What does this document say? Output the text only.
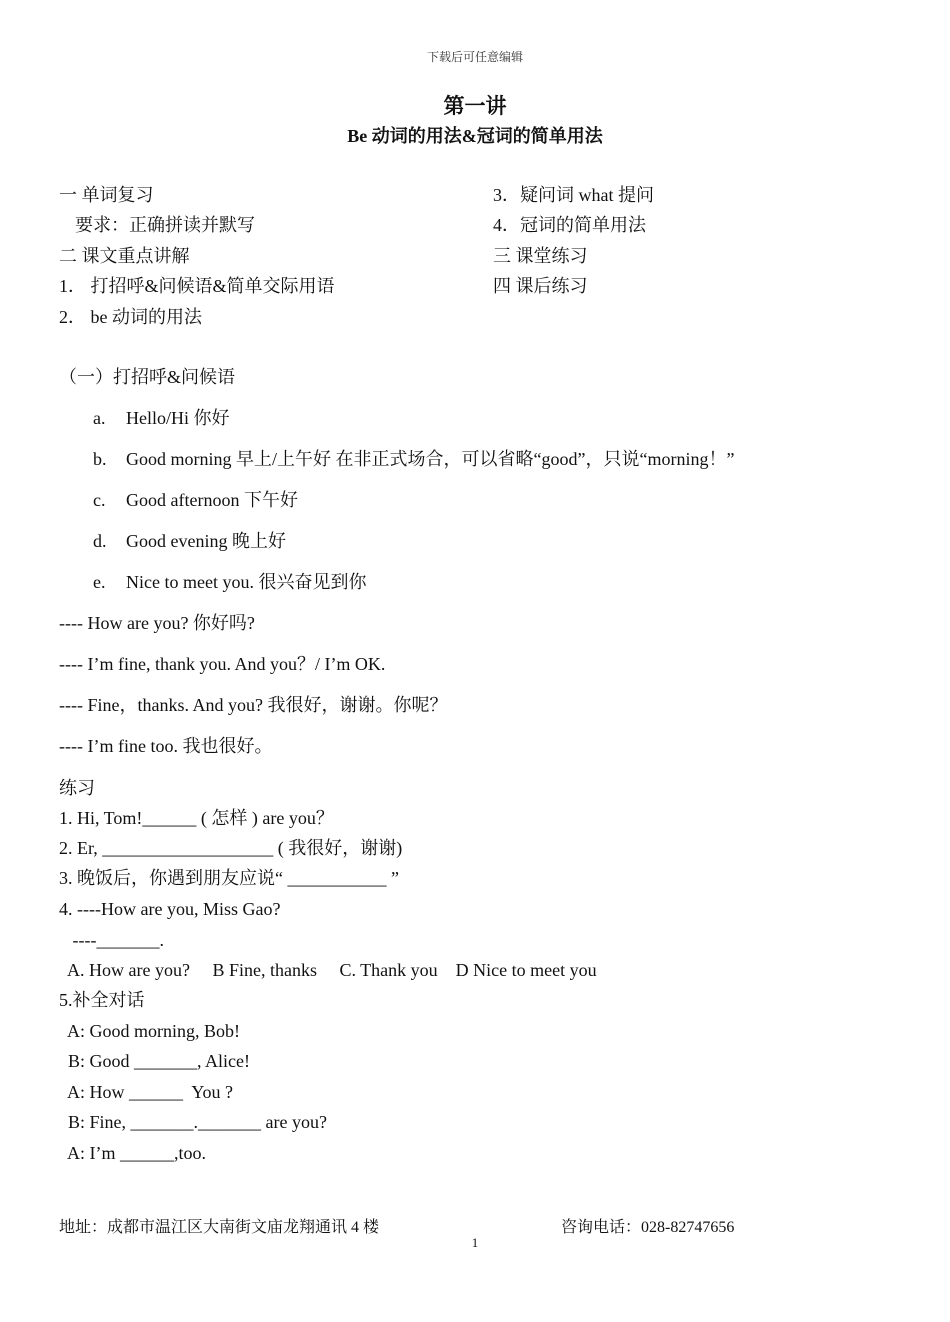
下载后可任意编辑
第一讲
Be 动词的用法&冠词的简单用法
一 单词复习
要求：正确拼读并默写
二 课文重点讲解
1． 打招呼&问候语&简单交际用语
2． be 动词的用法
3．疑问词 what 提问
4．冠词的简单用法
三 课堂练习
四 课后练习
（一）打招呼&问候语
a. Hello/Hi 你好
b. Good morning 早上/上午好 在非正式场合，可以省略“good”，只说“morning！”
c. Good afternoon 下午好
d. Good evening 晚上好
e. Nice to meet you. 很兴奋见到你
---- How are you? 你好吗?
---- I’m fine, thank you. And you？/ I’m OK.
---- Fine，thanks. And you? 我很好，谢谢。你呢？
---- I’m fine too. 我也很好。
练习
1. Hi, Tom!______ ( 怎样 ) are you？
2. Er, ___________________ ( 我很好，谢谢)
3. 晚饭后，你遇到朋友应说“ ___________ ”
4. ----How are you, Miss Gao?
----_______.
A. How are you?     B Fine, thanks     C. Thank you    D Nice to meet you
5.补全对话
A: Good morning, Bob!
B: Good _______, Alice!
A: How ______  You ?
B: Fine, _______._______ are you?
A: I’m ______,too.
地址：成都市温江区大南街文庙龙翔通讯 4 楼	咨询电话：028-82747656
1
